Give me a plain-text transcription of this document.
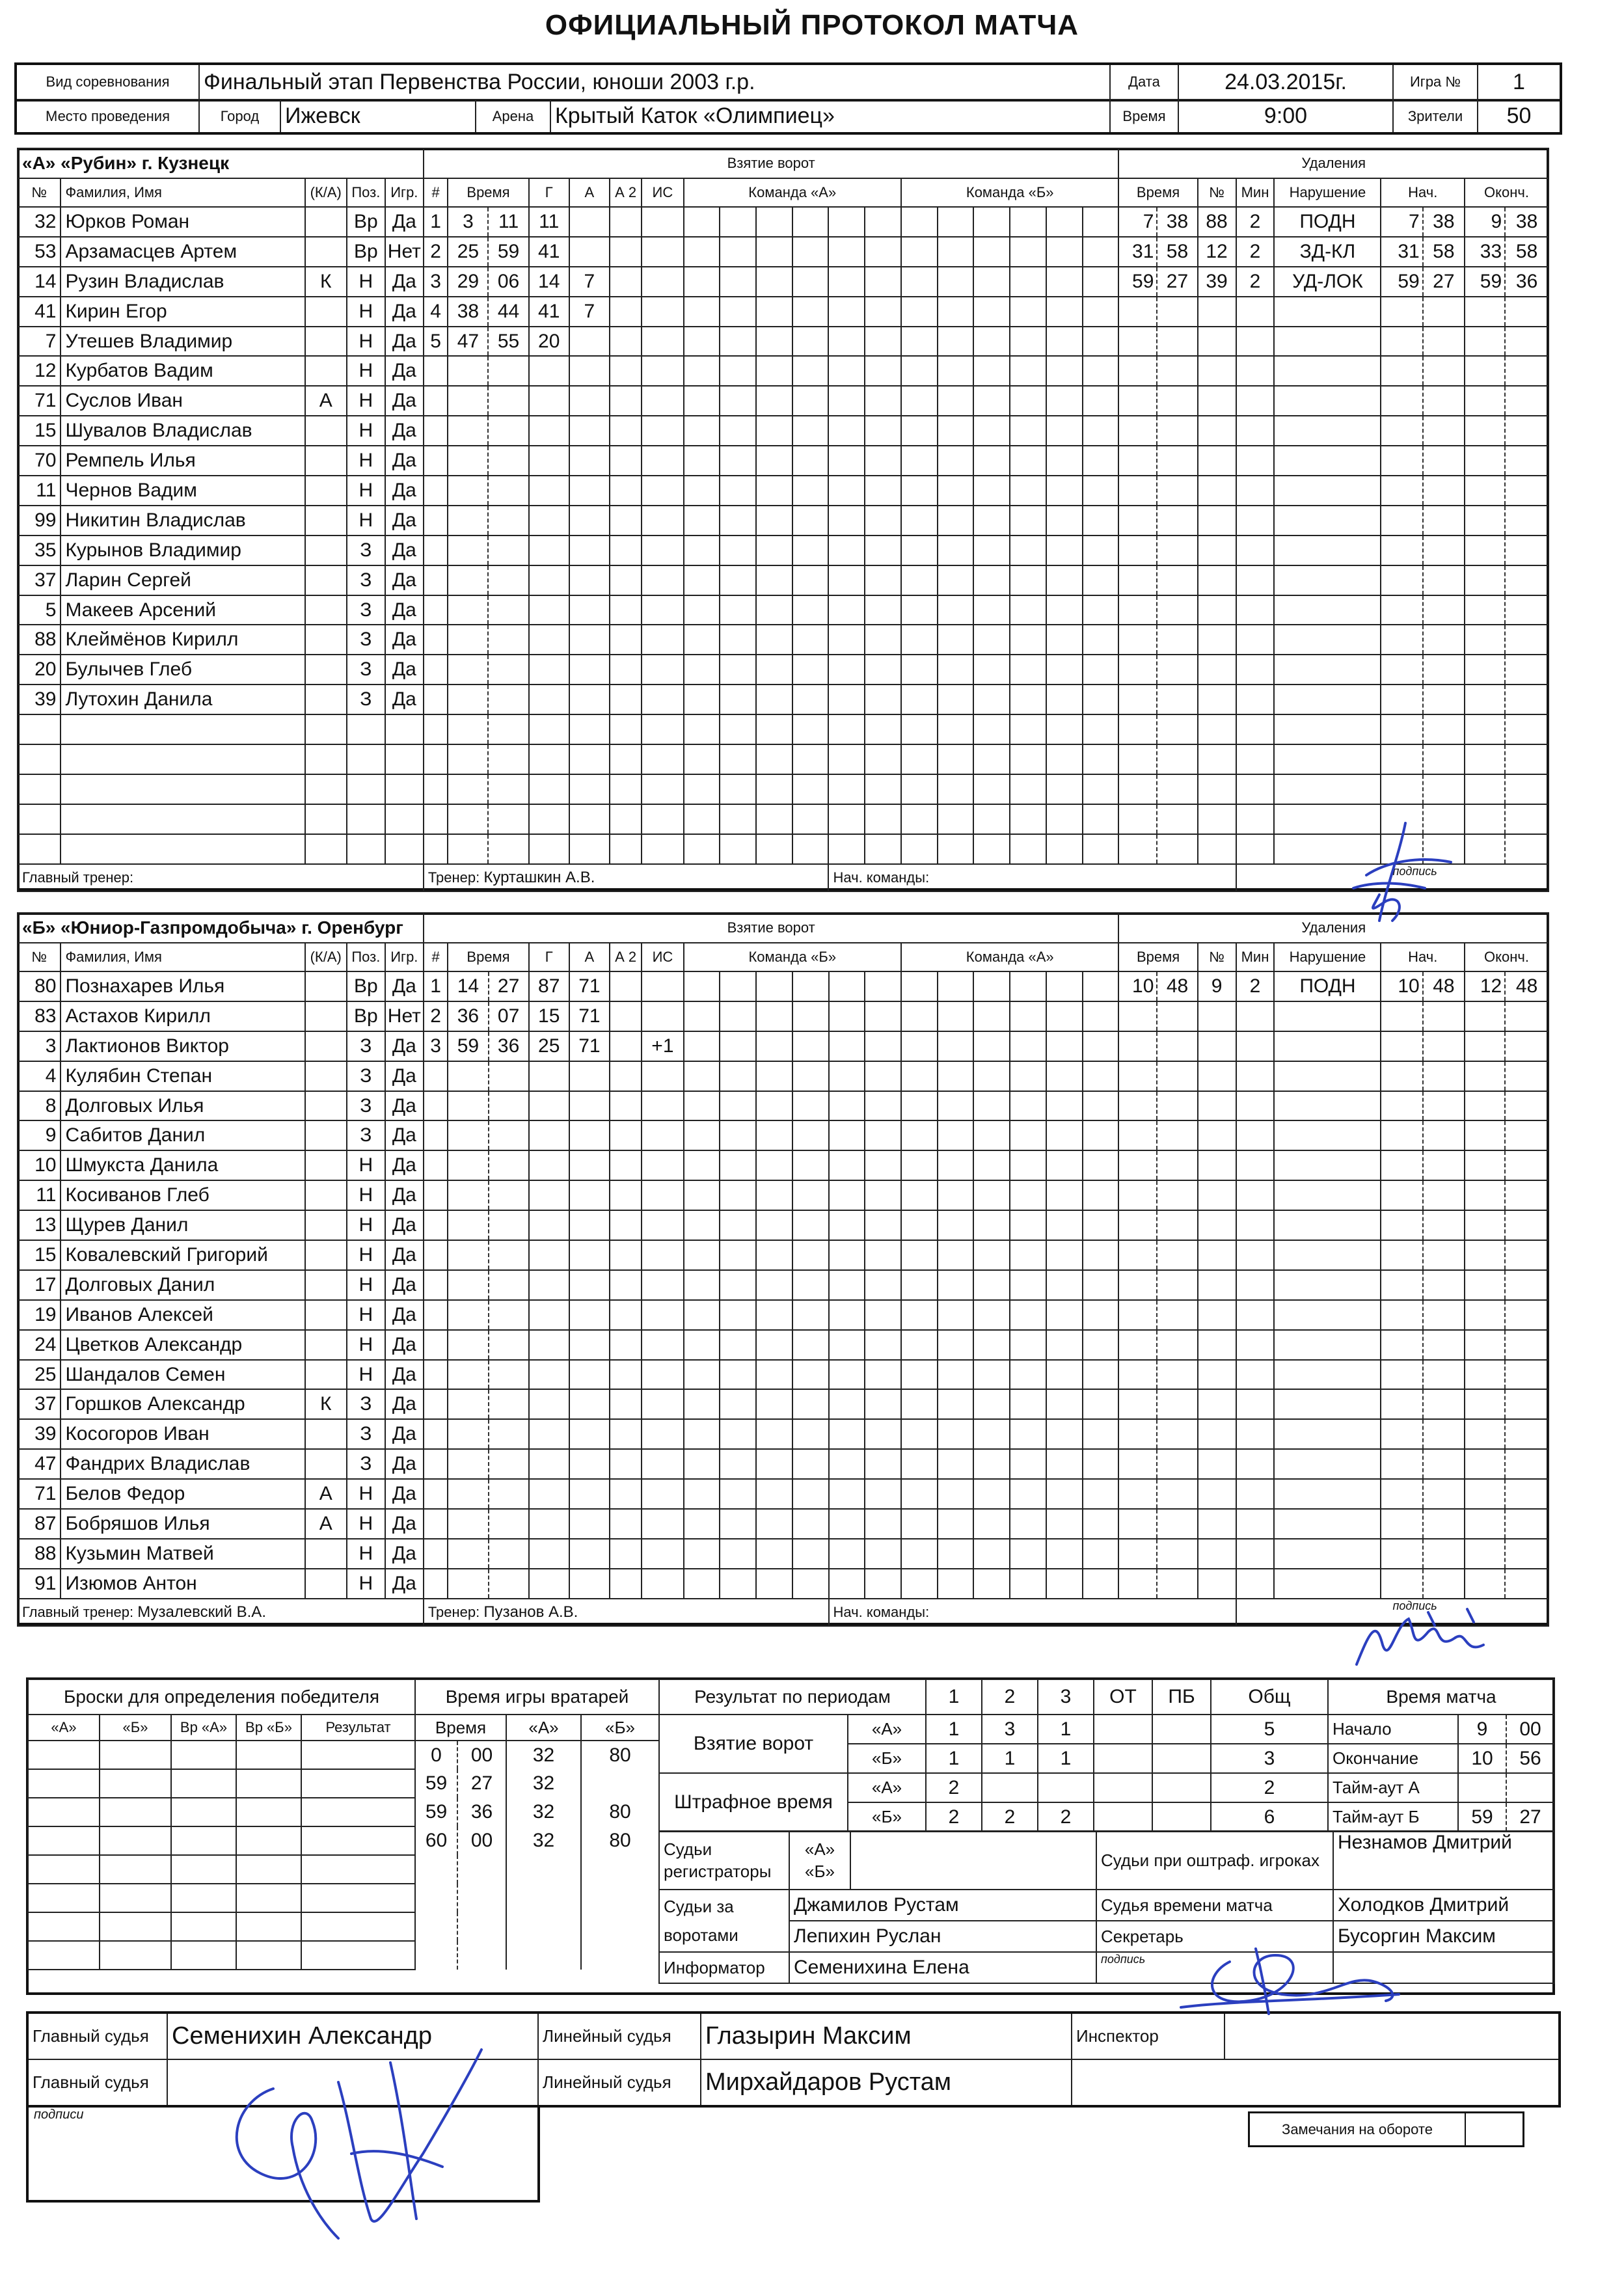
ОФИЦИАЛЬНЫЙ ПРОТОКОЛ МАТЧА
Вид соревнования	Финальный этап Первенства России, юноши 2003 г.р.	Дата	24.03.2015г.	Игра №	1
Место проведения	Город	Ижевск	Арена	Крытый Каток «Олимпиец»	Время	9:00	Зрители	50
«А» «Рубин» г. Кузнецк					Взятие ворот																			Удаления								
№	Фамилия, Имя	(К/А)	Поз.	Игр.	#	Время		Г	А	А 2	ИС	Команда «А»						Команда «Б»						Время		№	Мин	Нарушение	Нач.		Оконч.	
32	Юрков Роман		Вр	Да	1	3	11	11																7	38	88	2	ПОДН	7	38	9	38
53	Арзамасцев Артем		Вр	Нет	2	25	59	41																31	58	12	2	ЗД-КЛ	31	58	33	58
14	Рузин Владислав	К	Н	Да	3	29	06	14	7															59	27	39	2	УД-ЛОК	59	27	59	36
41	Кирин Егор		Н	Да	4	38	44	41	7																							
7	Утешев Владимир		Н	Да	5	47	55	20																								
12	Курбатов Вадим		Н	Да																												
71	Суслов Иван	А	Н	Да																												
15	Шувалов Владислав		Н	Да																												
70	Ремпель Илья		Н	Да																												
11	Чернов Вадим		Н	Да																												
99	Никитин Владислав		Н	Да																												
35	Курынов Владимир		З	Да																												
37	Ларин Сергей		З	Да																												
5	Макеев Арсений		З	Да																												
88	Клеймёнов Кирилл		З	Да																												
20	Булычев Глеб		З	Да																												
39	Лутохин Данила		З	Да																												

Главный тренер:					Тренер: Курташкин А.В.											Нач. команды:											подпись					
«Б» «Юниор-Газпромдобыча» г. Оренбург					Взятие ворот																			Удаления								
№	Фамилия, Имя	(К/А)	Поз.	Игр.	#	Время		Г	А	А 2	ИС	Команда «Б»						Команда «А»						Время		№	Мин	Нарушение	Нач.		Оконч.	
80	Познахарев Илья		Вр	Да	1	14	27	87	71															10	48	9	2	ПОДН	10	48	12	48
83	Астахов Кирилл		Вр	Нет	2	36	07	15	71																							
3	Лактионов Виктор		З	Да	3	59	36	25	71		+1																					
4	Кулябин Степан		З	Да																												
8	Долговых Илья		З	Да																												
9	Сабитов Данил		З	Да																												
10	Шмукста Данила		Н	Да																												
11	Косиванов Глеб		Н	Да																												
13	Щурев Данил		Н	Да																												
15	Ковалевский Григорий		Н	Да																												
17	Долговых Данил		Н	Да																												
19	Иванов Алексей		Н	Да																												
24	Цветков Александр		Н	Да																												
25	Шандалов Семен		Н	Да																												
37	Горшков Александр	К	З	Да																												
39	Косогоров Иван		З	Да																												
47	Фандрих Владислав		З	Да																												
71	Белов Федор	А	Н	Да																												
87	Бобряшов Илья	А	Н	Да																												
88	Кузьмин Матвей		Н	Да																												
91	Изюмов Антон		Н	Да																												
Главный тренер: Музалевский В.А.					Тренер: Пузанов А.В.											Нач. команды:											подпись					
Броски для определения победителя				
«А»	«Б»	Вр «А»	Вр «Б»	Результат

Время игры вратарей			
Время		«А»	«Б»
0	00	32	80
59	27	32	
59	36	32	80
60	00	32	80

Результат по периодам		1	2	3	ОТ	ПБ	Общ
Взятие ворот	«А»	1	3	1			5
	«Б»	1	1	1			3
Штрафное время	«А»	2					2
	«Б»	2	2	2			6
Время матча		
Начало	9	00
Окончание	10	56
Тайм-аут А		
Тайм-аут Б	59	27
Судьи регистраторы	«А»
«Б»		Судьи при оштраф. игроках	Незнамов Дмитрий
Судьи за воротами	Джамилов Рустам		Судья времени матча	Холодков Дмитрий
	Лепихин Руслан		Секретарь	Бусоргин Максим
Информатор	Семенихина Елена		подпись	
Главный судья	Семенихин Александр	Линейный судья	Глазырин Максим	Инспектор	
Главный судья		Линейный судья	Мирхайдаров Рустам		
подписи
Замечания на обороте
